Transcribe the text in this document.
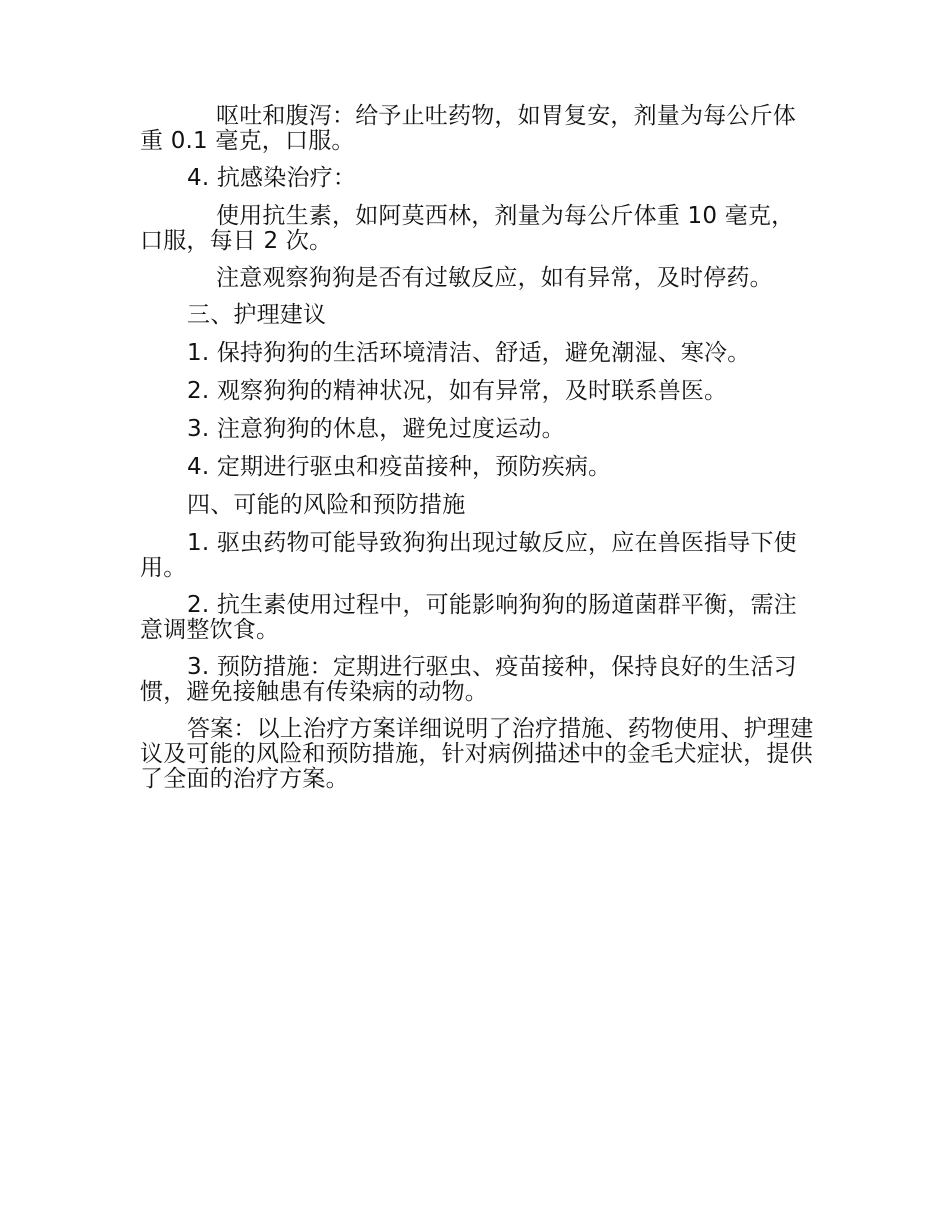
呕吐和腹泻：给予止吐药物，如胃复安，剂量为每公斤体重 0.1 毫克，口服。

4. 抗感染治疗：

使用抗生素，如阿莫西林，剂量为每公斤体重 10 毫克，口服，每日 2 次。

注意观察狗狗是否有过敏反应，如有异常，及时停药。

三、护理建议

1. 保持狗狗的生活环境清洁、舒适，避免潮湿、寒冷。

2. 观察狗狗的精神状况，如有异常，及时联系兽医。

3. 注意狗狗的休息，避免过度运动。

4. 定期进行驱虫和疫苗接种，预防疾病。

四、可能的风险和预防措施

1. 驱虫药物可能导致狗狗出现过敏反应，应在兽医指导下使用。

2. 抗生素使用过程中，可能影响狗狗的肠道菌群平衡，需注意调整饮食。

3. 预防措施：定期进行驱虫、疫苗接种，保持良好的生活习惯，避免接触患有传染病的动物。

答案：以上治疗方案详细说明了治疗措施、药物使用、护理建议及可能的风险和预防措施，针对病例描述中的金毛犬症状，提供了全面的治疗方案。
